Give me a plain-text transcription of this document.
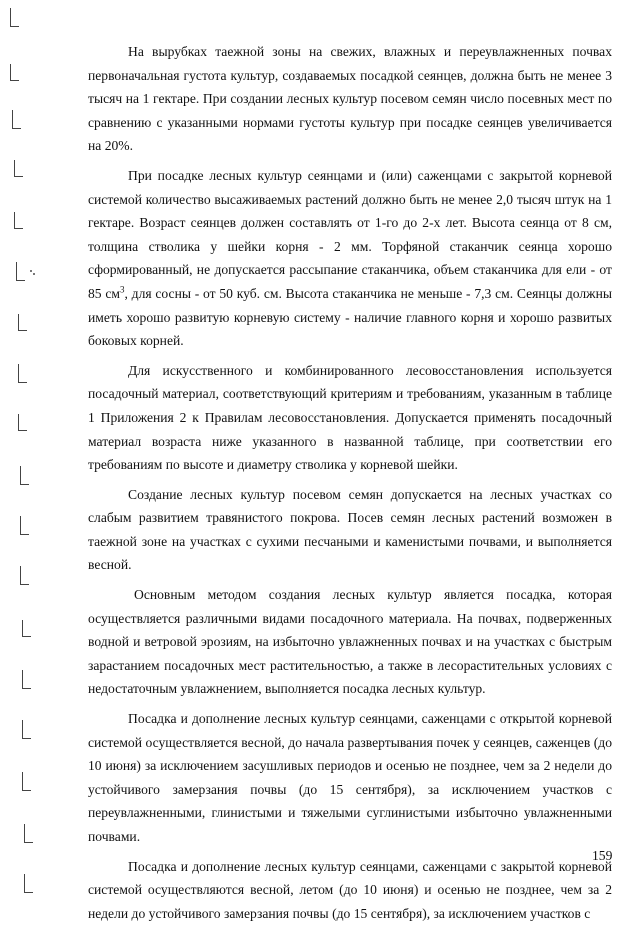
На вырубках таежной зоны на свежих, влажных и переувлажненных почвах первоначальная густота культур, создаваемых посадкой сеянцев, должна быть не менее 3 тысяч на 1 гектаре. При создании лесных культур посевом семян число посевных мест по сравнению с указанными нормами густоты культур при посадке сеянцев увеличивается на 20%.

При посадке лесных культур сеянцами и (или) саженцами с закрытой корневой системой количество высаживаемых растений должно быть не менее 2,0 тысяч штук на 1 гектаре. Возраст сеянцев должен составлять от 1-го до 2-х лет. Высота сеянца от 8 см, толщина стволика у шейки корня - 2 мм. Торфяной стаканчик сеянца хорошо сформированный, не допускается рассыпание стаканчика, объем стаканчика для ели - от 85 $см^3$, для сосны - от 50 куб. см. Высота стаканчика не меньше - 7,3 см. Сеянцы должны иметь хорошо развитую корневую систему - наличие главного корня и хорошо развитых боковых корней.

Для искусственного и комбинированного лесовосстановления используется посадочный материал, соответствующий критериям и требованиям, указанным в таблице 1 Приложения 2 к Правилам лесовосстановления. Допускается применять посадочный материал возраста ниже указанного в названной таблице, при соответствии его требованиям по высоте и диаметру стволика у корневой шейки.

Создание лесных культур посевом семян допускается на лесных участках со слабым развитием травянистого покрова. Посев семян лесных растений возможен в таежной зоне на участках с сухими песчаными и каменистыми почвами, и выполняется весной.

Основным методом создания лесных культур является посадка, которая осуществляется различными видами посадочного материала. На почвах, подверженных водной и ветровой эрозиям, на избыточно увлажненных почвах и на участках с быстрым зарастанием посадочных мест растительностью, а также в лесорастительных условиях с недостаточным увлажнением, выполняется посадка лесных культур.

Посадка и дополнение лесных культур сеянцами, саженцами с открытой корневой системой осуществляется весной, до начала развертывания почек у сеянцев, саженцев (до 10 июня) за исключением засушливых периодов и осенью не позднее, чем за 2 недели до устойчивого замерзания почвы (до 15 сентября), за исключением участков с переувлажненными, глинистыми и тяжелыми суглинистыми избыточно увлажненными почвами.

Посадка и дополнение лесных культур сеянцами, саженцами с закрытой корневой системой осуществляются весной, летом (до 10 июня) и осенью не позднее, чем за 2 недели до устойчивого замерзания почвы (до 15 сентября), за исключением участков с

159
